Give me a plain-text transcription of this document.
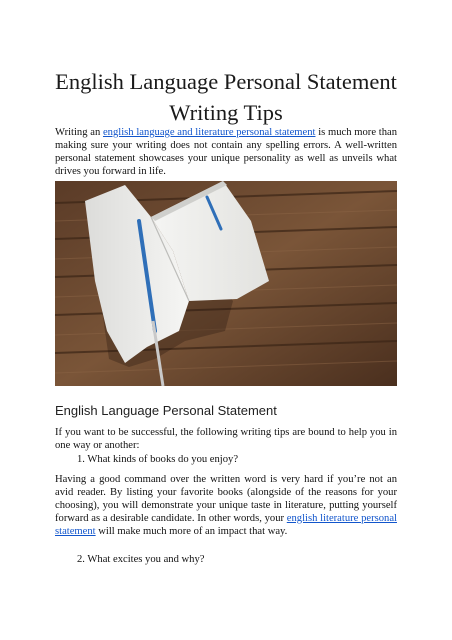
English Language Personal Statement
Writing Tips
Writing an english language and literature personal statement is much more than making sure your writing does not contain any spelling errors. A well-written personal statement showcases your unique personality as well as unveils what drives you forward in life.
English Language Personal Statement
If you want to be successful, the following writing tips are bound to help you in one way or another:
1. What kinds of books do you enjoy?
Having a good command over the written word is very hard if you’re not an avid reader. By listing your favorite books (alongside of the reasons for your choosing), you will demonstrate your unique taste in literature, putting yourself forward as a desirable candidate. In other words, your english literature personal statement will make much more of an impact that way.
2. What excites you and why?
